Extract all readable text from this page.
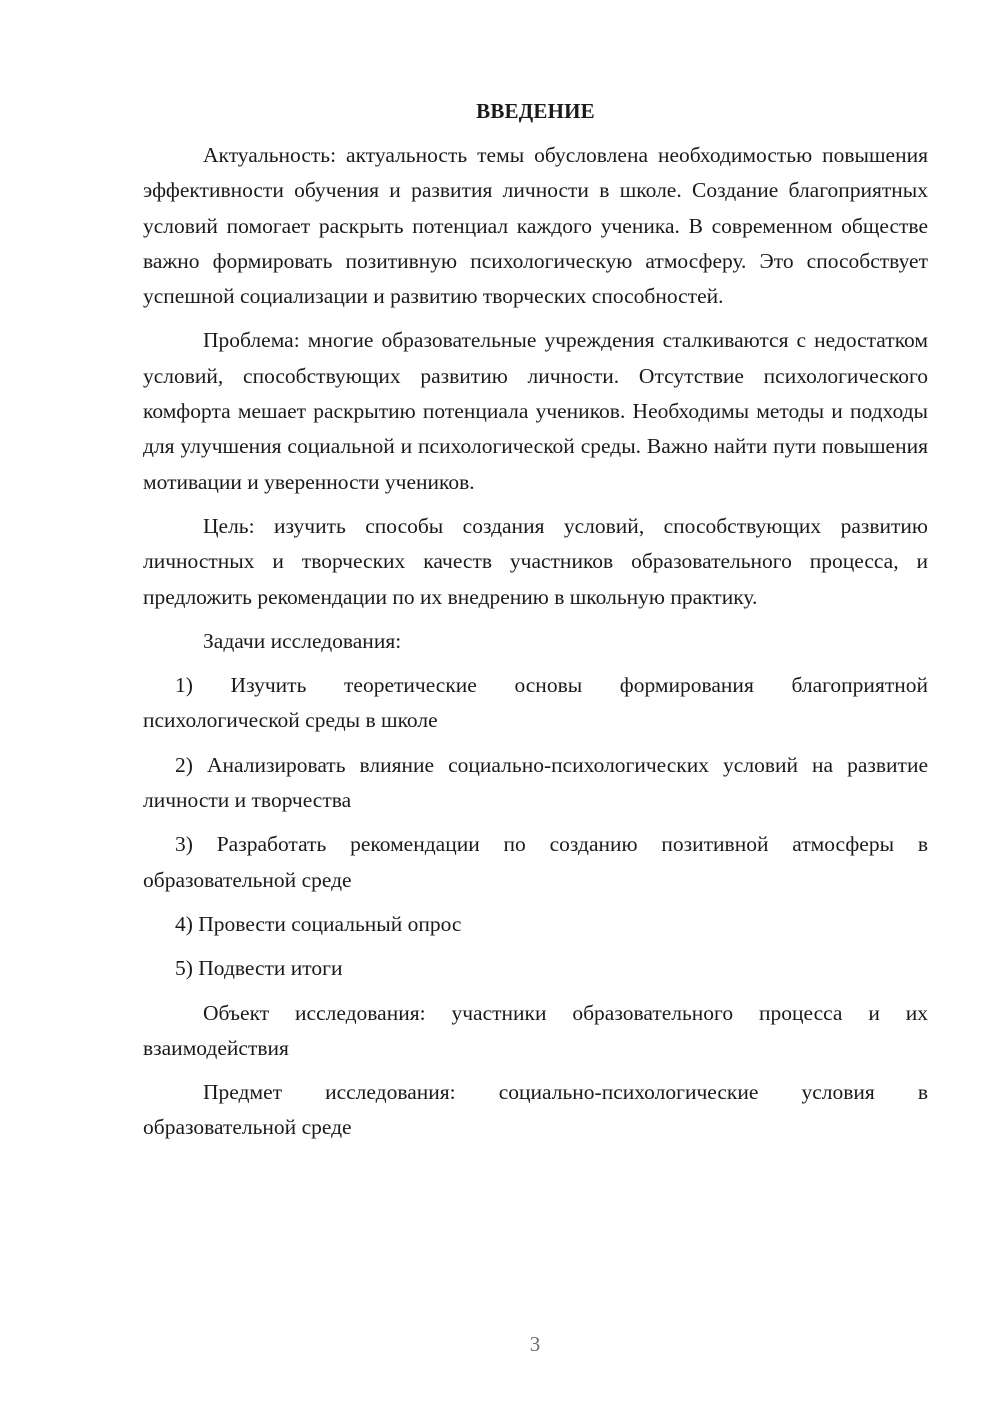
ВВЕДЕНИЕ

Актуальность: актуальность темы обусловлена необходимостью повышения эффективности обучения и развития личности в школе. Создание благоприятных условий помогает раскрыть потенциал каждого ученика. В современном обществе важно формировать позитивную психологическую атмосферу. Это способствует успешной социализации и развитию творческих способностей.

Проблема: многие образовательные учреждения сталкиваются с недостатком условий, способствующих развитию личности. Отсутствие психологического комфорта мешает раскрытию потенциала учеников. Необходимы методы и подходы для улучшения социальной и психологической среды. Важно найти пути повышения мотивации и уверенности учеников.

Цель: изучить способы создания условий, способствующих развитию личностных и творческих качеств участников образовательного процесса, и предложить рекомендации по их внедрению в школьную практику.

Задачи исследования:

1) Изучить теоретические основы формирования благоприятной психологической среды в школе

2) Анализировать влияние социально-психологических условий на развитие личности и творчества

3) Разработать рекомендации по созданию позитивной атмосферы в образовательной среде

4) Провести социальный опрос

5) Подвести итоги

Объект исследования: участники образовательного процесса и их взаимодействия

Предмет исследования: социально-психологические условия в образовательной среде

3
